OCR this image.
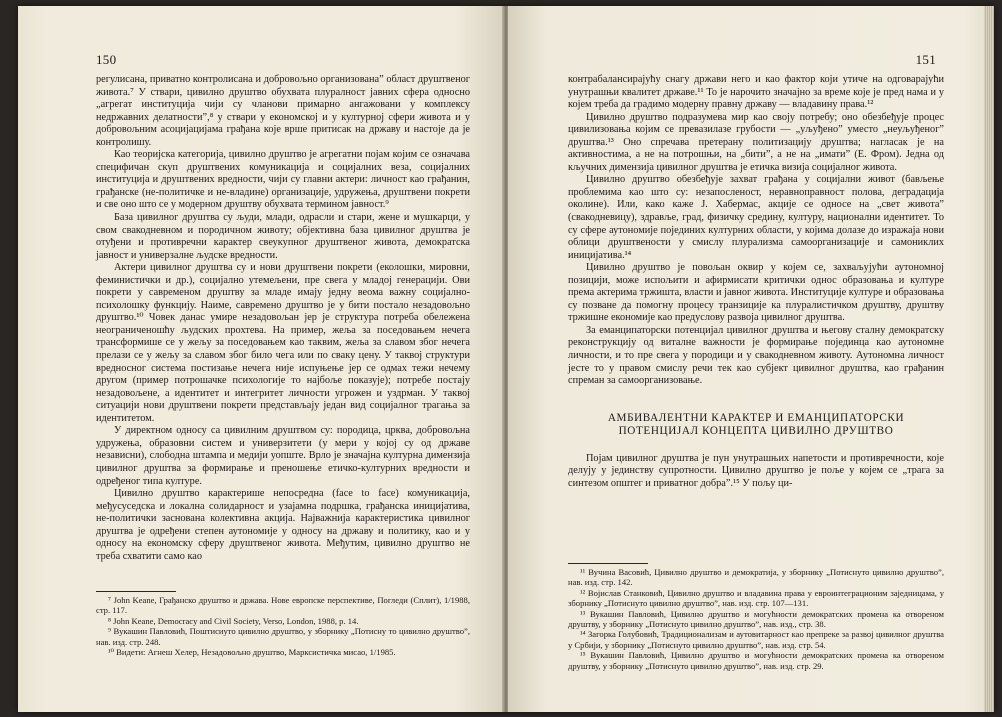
150

регулисана, приватно контролисана и добровољно организована” област друштвеног живота.⁷ У ствари, цивилно друштво обухвата плуралност јавних сфера односно „агрегат институција чији су чланови примарно ангажовани у комплексу недржавних делатности”,⁸ у ствари у економској и у културној сфери живота и у добровољним асоцијацијама грађана које врше притисак на државу и настоје да је контролишу.

Као теоријска категорија, цивилно друштво је агрегатни појам којим се означава специфичан скуп друштвених комуникација и социјалних веза, социјалних институција и друштвених вредности, чији су главни актери: личност као грађанин, грађанске (не-политичке и не-владине) организације, удружења, друштвени покрети и све оно што се у модерном друштву обухвата термином јавност.⁹

База цивилног друштва су људи, млади, одрасли и стари, жене и мушкарци, у свом свакодневном и породичном животу; објективна база цивилног друштва је отуђени и противречни карактер свеукупног друштвеног живота, демократска јавност и универзалне људске вредности.

Актери цивилног друштва су и нови друштвени покрети (еколошки, мировни, феминистички и др.), социјално утемељени, пре свега у младој генерацији. Ови покрети у савременом друштву за младе имају једну веома важну социјално-психолошку функцију. Наиме, савремено друштво је у бити постало незадовољно друштво.¹⁰ Човек данас умире незадовољан јер је структура потреба обележена неограниченошћу људских прохтева. На пример, жеља за поседовањем нечега трансформише се у жељу за поседовањем као таквим, жеља за славом због нечега прелази се у жељу за славом због било чега или по сваку цену. У таквој структури вредносног система постизање нечега није испуњење јер се одмах тежи нечему другом (пример потрошачке психологије то најбоље показује); потребе постају незадовољене, а идентитет и интегритет личности угрожен и уздрман. У таквој ситуацији нови друштвени покрети представљају један вид социјалног трагања за идентитетом.

У директном односу са цивилним друштвом су: породица, црква, добровољна удружења, образовни систем и универзитети (у мери у којој су од државе независни), слободна штампа и медији уопште. Врло је значајна културна димензија цивилног друштва за формирање и преношење етичко-културних вредности и одређеног типа културе.

Цивилно друштво карактерише непосредна (face to face) комуникација, међусуседска и локална солидарност и узајамна подршка, грађанска иницијатива, не-политички заснована колективна акција. Најважнија карактеристика цивилног друштва је одређени степен аутономије у односу на државу и политику, као и у односу на економску сферу друштвеног живота. Међутим, цивилно друштво не треба схватити само као

⁷ John Keane, Грађанско друштво и држава. Нове европске перспективе, Погледи (Сплит), 1/1988, стр. 117.

⁸ John Keane, Democracy and Civil Society, Verso, London, 1988, p. 14.

⁹ Вукашин Павловић, Поштисиуто цивилно друштво, у зборнику „Потисну то цивилно друштво”, нав. изд. стр. 248.

¹⁰ Видети: Агнеш Хелер, Незадовољно друштво, Марксистичка мисао, 1/1985.

151

контрабалансирајућу снагу држави него и као фактор који утиче на одговарајући унутрашњи квалитет државе.¹¹ То је нарочито значајно за време које је пред нама и у којем треба да градимо модерну правну државу — владавину права.¹²

Цивилно друштво подразумева мир као своју потребу; оно обезбеђује процес цивилизовања којим се превазилазе грубости — „уљуђено” уместо „неуљуђеног” друштва.¹³ Оно спречава претерану политизацију друштва; наглаcак је на активностима, а не на потрошњи, на „бити”, а не на „имати” (Е. Фром). Једна од кључних димензија цивилног друштва је етичка визија социјалног живота.

Цивилно друштво обезбеђује захват грађана у социјални живот (бављење проблемима као што су: незапосленост, неравноправност полова, деградација околине). Или, како каже Ј. Хабермас, акције се односе на „свет живота” (свакодневицу), здравље, град, физичку средину, културу, национални идентитет. То су сфере аутономије појединих културних области, у којима долазе до изражаја нови облици друштвености у смислу плурализма самоорганизације и самониклих иницијатива.¹⁴

Цивилно друштво је повољан оквир у којем се, захваљујући аутономној позицији, може испољити и афирмисати критички однос образовања и културе према актерима тржишта, власти и јавног живота. Институције културе и образовања су позване да помогну процесу транзиције ка плуралистичком друштву, друштву тржишне економије као предуслову развоја цивилног друштва.

За еманципаторски потенцијал цивилног друштва и његову сталну демократску реконструкцију од виталне важности је формирање појединца као аутономне личности, и то пре свега у породици и у свакодневном животу. Аутономна личност јесте то у правом смислу речи тек као субјект цивилног друштва, као грађанин спреман за самоорганизовање.

АМБИВАЛЕНТНИ КАРАКТЕР И ЕМАНЦИПАТОРСКИ
ПОТЕНЦИЈАЛ КОНЦЕПТА ЦИВИЛНО ДРУШТВО

Појам цивилног друштва је пун унутрашњих напетости и противречности, које делују у јединству супротности. Цивилно друштво је поље у којем се „трага за синтезом општег и приватног добра”.¹⁵ У пољу ци-

¹¹ Вучина Васовић, Цивилно друштво и демократија, у зборнику „Потиснуто цивилно друштво”, нав. изд. стр. 142.

¹² Војислав Станковић, Цивилно друштво и владавина права у евроинтеграционим заједницама, у зборнику „Потиснуто цивилно друштво”, нав. изд. стр. 107—131.

¹³ Вукашин Павловић, Цивилно друштво и могућности демократских промена ка отвореном друштву, у зборнику „Потиснуто цивилно друштво”, нав. изд., стр. 38.

¹⁴ Загорка Голубовић, Традиционализам и аутовитарност као препреке за развој цивилног друштва у Србији, у зборнику „Потиснуто цивилно друштво”, нав. изд. стр. 54.

¹⁵ Вукашин Павловић, Цивилно друштво и могућности демократских промена ка отвореном друштву, у зборнику „Потиснуто цивилно друштво”, нав. изд. стр. 29.
